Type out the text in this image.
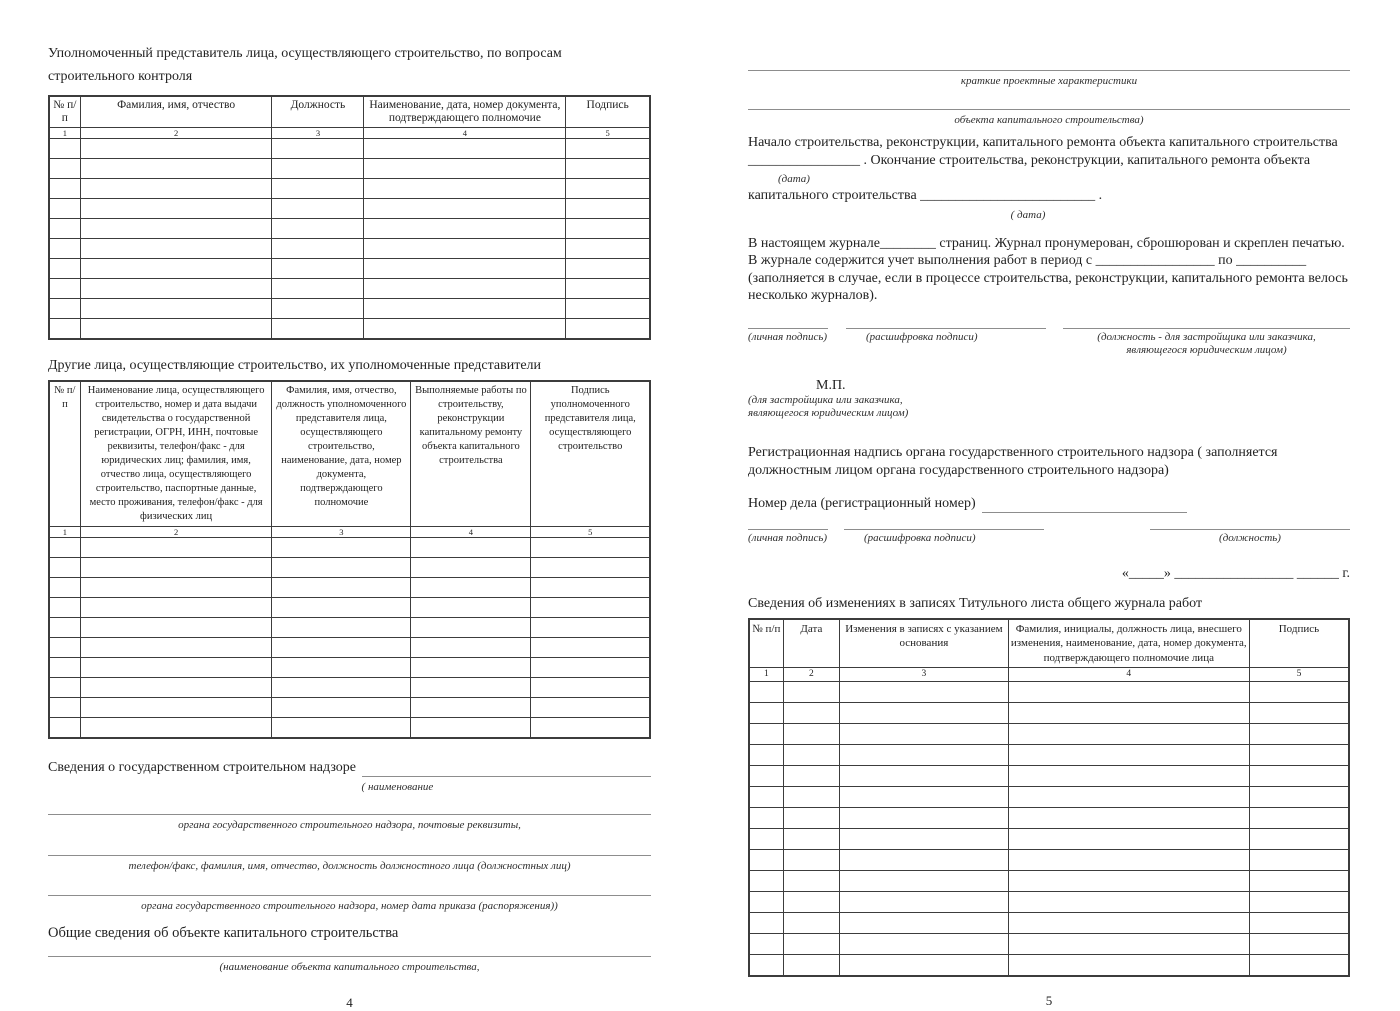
Уполномоченный представитель лица, осуществляющего строительство, по вопросам строительного контроля

№ п/п	Фамилия, имя, отчество	Должность	Наименование, дата, номер документа, подтверждающего полномочие	Подпись
1	2	3	4	5

Другие лица, осуществляющие строительство, их уполномоченные представители

№ п/п	Наименование лица, осуществляющего строительство, номер и дата выдачи свидетельства о государственной регистрации, ОГРН, ИНН, почтовые реквизиты, телефон/факс - для юридических лиц; фамилия, имя, отчество лица, осуществляющего строительство, паспортные данные, место проживания, телефон/факс - для физических лиц	Фамилия, имя, отчество, должность уполномоченного представителя лица, осуществляющего строительство, наименование, дата, номер документа, подтверждающего полномочие	Выполняемые работы по строительству, реконструкции капитальному ремонту объекта капитального строительства	Подпись уполномоченного представителя лица, осуществляющего строительство
1	2	3	4	5

Сведения о государственном строительном надзоре
( наименование
органа государственного строительного надзора, почтовые реквизиты,
телефон/факс, фамилия, имя, отчество, должность должностного лица (должностных лиц)
органа государственного строительного надзора, номер дата приказа (распоряжения))

Общие сведения об объекте капитального строительства

(наименование объекта капитального строительства,
4
краткие проектные характеристики
объекта капитального строительства)

Начало строительства, реконструкции, капитального ремонта объекта капитального строительства

________________ . Окончание строительства, реконструкции, капитального ремонта объекта

(дата)

капитального строительства _________________________ .

( дата)

В настоящем журнале________ страниц. Журнал пронумерован, сброшюрован и скреплен печатью. В журнале содержится учет выполнения работ в период с _________________ по __________ (заполняется в случае, если в процессе строительства, реконструкции, капитального ремонта велось несколько журналов).

(личная подпись)	(расшифровка подписи)	(должность - для застройщика или заказчика,
являющегося юридическим лицом)
М.П.
(для застройщика или заказчика,
являющегося юридическим лицом)

Регистрационная надпись органа государственного строительного надзора ( заполняется должностным лицом органа государственного строительного надзора)

Номер дела (регистрационный номер)
(личная подпись)	(расшифровка подписи)	(должность)

«_____» _________________ ______ г.

Сведения об изменениях в записях Титульного листа общего журнала работ

№ п/п	Дата	Изменения в записях с указанием основания	Фамилия, инициалы, должность лица, внесшего изменения, наименование, дата, номер документа, подтверждающего полномочие лица	Подпись
1	2	3	4	5

5
